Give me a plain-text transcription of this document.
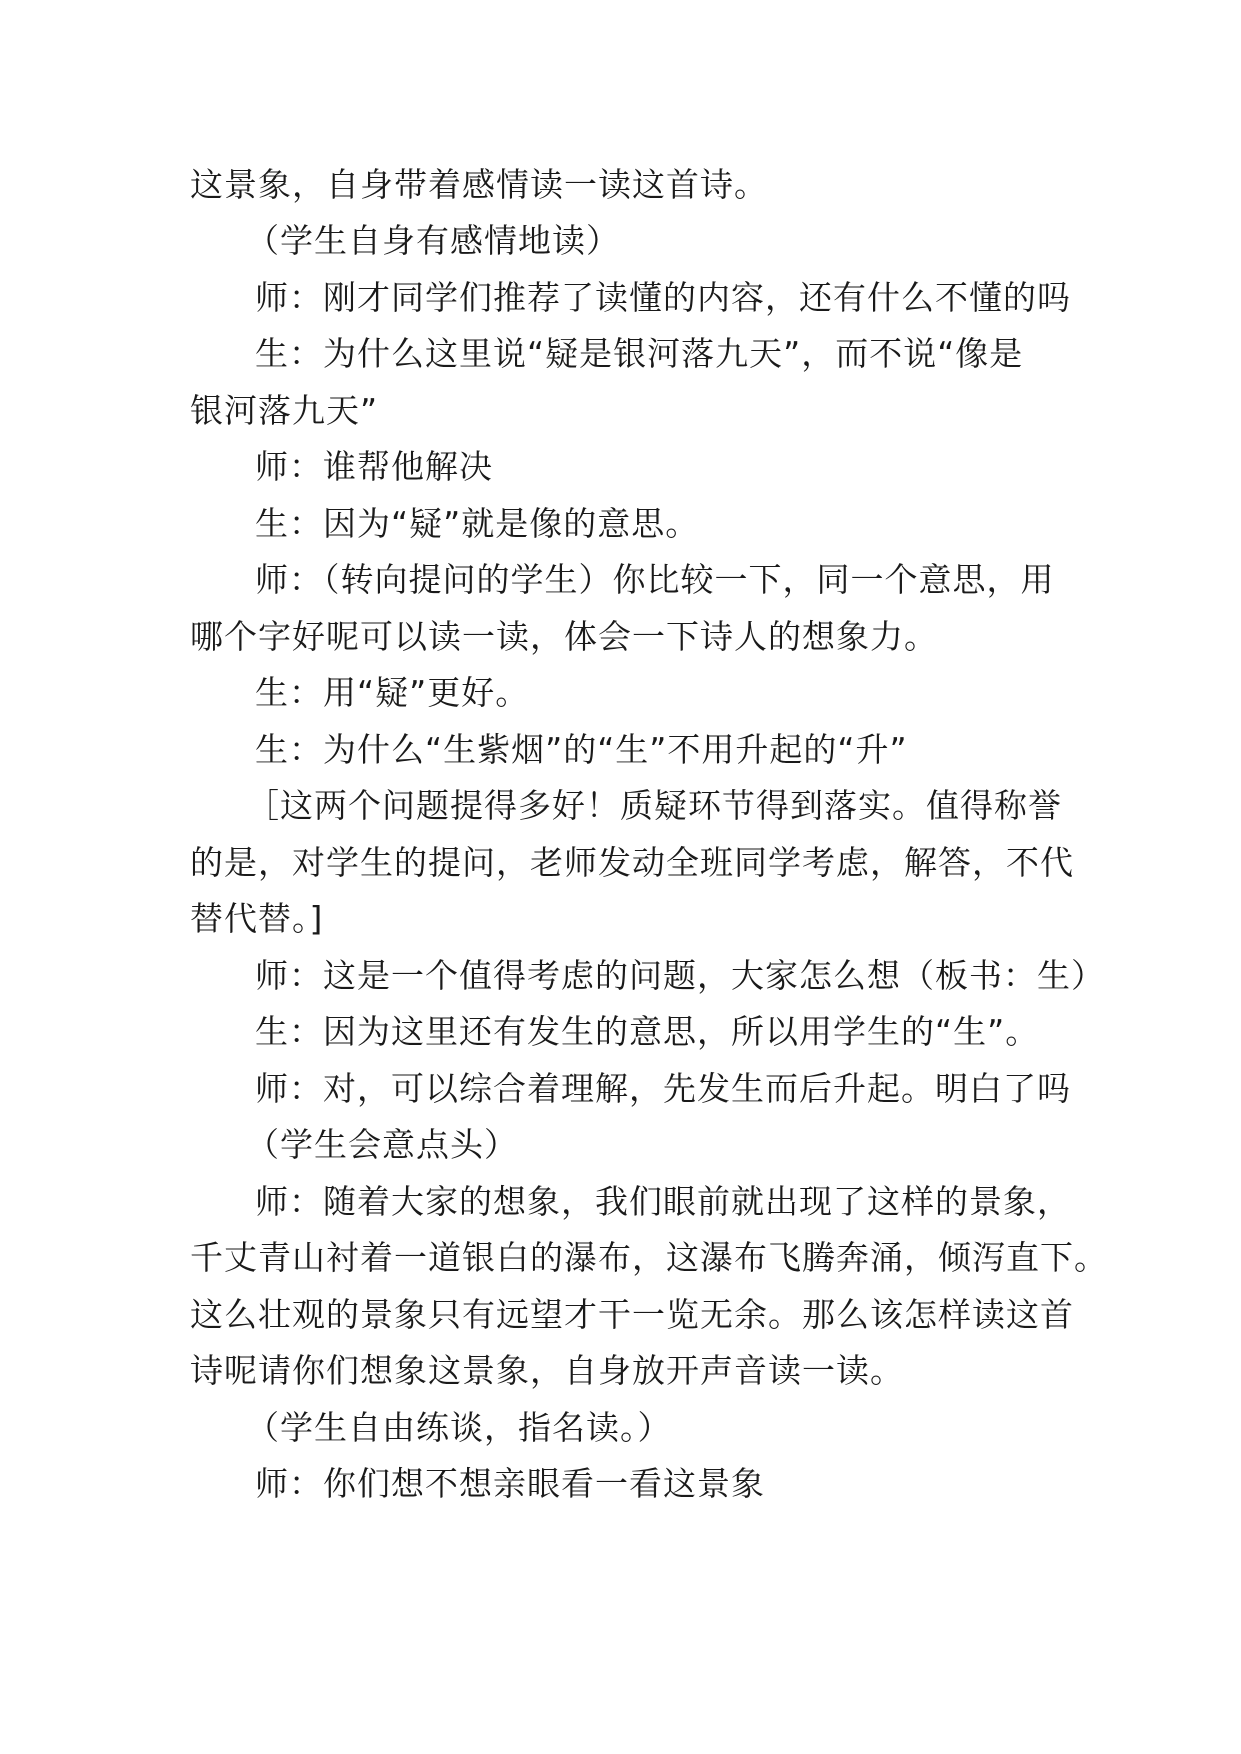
这景象，自身带着感情读一读这首诗。
（学生自身有感情地读）
师：刚才同学们推荐了读懂的内容，还有什么不懂的吗
生：为什么这里说“疑是银河落九天”，而不说“像是
银河落九天”
师：谁帮他解决
生：因为“疑”就是像的意思。
师：（转向提问的学生）你比较一下，同一个意思，用
哪个字好呢可以读一读，体会一下诗人的想象力。
生：用“疑”更好。
生：为什么“生紫烟”的“生”不用升起的“升”
［这两个问题提得多好！质疑环节得到落实。值得称誉
的是，对学生的提问，老师发动全班同学考虑，解答，不代
替代替。]
师：这是一个值得考虑的问题，大家怎么想（板书：生）
生：因为这里还有发生的意思，所以用学生的“生”。
师：对，可以综合着理解，先发生而后升起。明白了吗
（学生会意点头）
师：随着大家的想象，我们眼前就出现了这样的景象，
千丈青山衬着一道银白的瀑布，这瀑布飞腾奔涌，倾泻直下。
这么壮观的景象只有远望才干一览无余。那么该怎样读这首
诗呢请你们想象这景象，自身放开声音读一读。
（学生自由练谈，指名读。）
师：你们想不想亲眼看一看这景象
